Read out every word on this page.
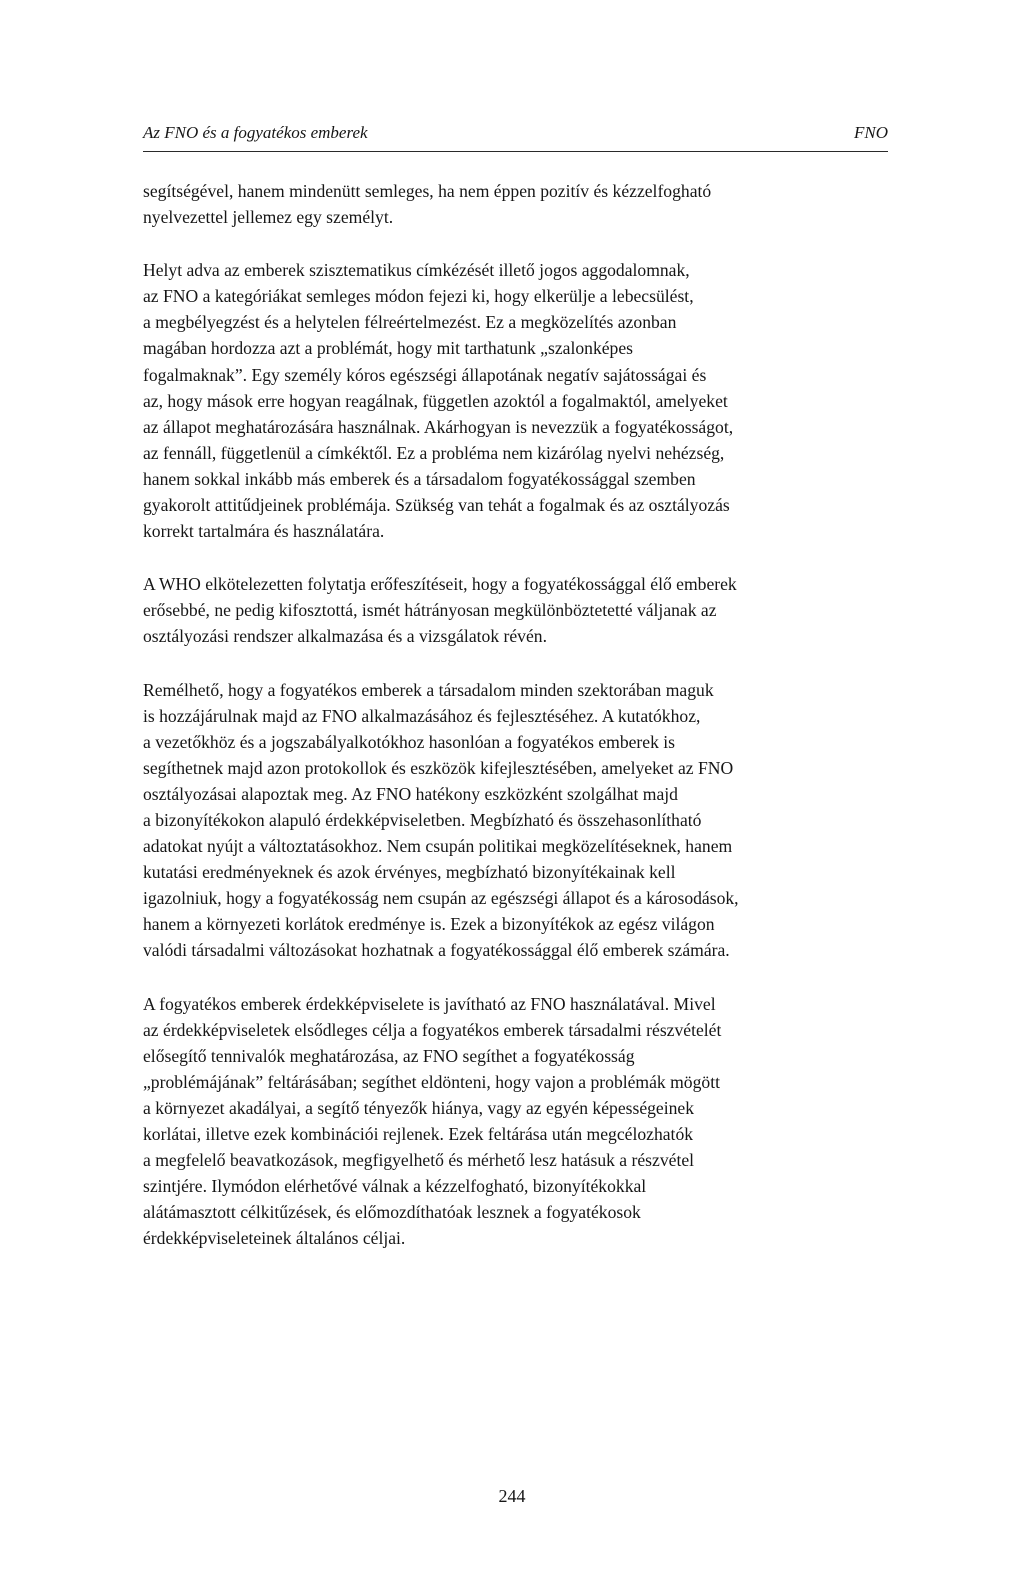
Az FNO és a fogyatékos emberek	FNO

segítségével, hanem mindenütt semleges, ha nem éppen pozitív és kézzelfogható
nyelvezettel jellemez egy személyt.

Helyt adva az emberek szisztematikus címkézését illető jogos aggodalomnak,
az FNO a kategóriákat semleges módon fejezi ki, hogy elkerülje a lebecsülést,
a megbélyegzést és a helytelen félreértelmezést. Ez a megközelítés azonban
magában hordozza azt a problémát, hogy mit tarthatunk „szalonképes
fogalmaknak”. Egy személy kóros egészségi állapotának negatív sajátosságai és
az, hogy mások erre hogyan reagálnak, független azoktól a fogalmaktól, amelyeket
az állapot meghatározására használnak. Akárhogyan is nevezzük a fogyatékosságot,
az fennáll, függetlenül a címkéktől. Ez a probléma nem kizárólag nyelvi nehézség,
hanem sokkal inkább más emberek és a társadalom fogyatékossággal szemben
gyakorolt attitűdjeinek problémája. Szükség van tehát a fogalmak és az osztályozás
korrekt tartalmára és használatára.

A WHO elkötelezetten folytatja erőfeszítéseit, hogy a fogyatékossággal élő emberek
erősebbé, ne pedig kifosztottá, ismét hátrányosan megkülönböztetetté váljanak az
osztályozási rendszer alkalmazása és a vizsgálatok révén.

Remélhető, hogy a fogyatékos emberek a társadalom minden szektorában maguk
is hozzájárulnak majd az FNO alkalmazásához és fejlesztéséhez. A kutatókhoz,
a vezetőkhöz és a jogszabályalkotókhoz hasonlóan a fogyatékos emberek is
segíthetnek majd azon protokollok és eszközök kifejlesztésében, amelyeket az FNO
osztályozásai alapoztak meg. Az FNO hatékony eszközként szolgálhat majd
a bizonyítékokon alapuló érdekképviseletben. Megbízható és összehasonlítható
adatokat nyújt a változtatásokhoz. Nem csupán politikai megközelítéseknek, hanem
kutatási eredményeknek és azok érvényes, megbízható bizonyítékainak kell
igazolniuk, hogy a fogyatékosság nem csupán az egészségi állapot és a károsodások,
hanem a környezeti korlátok eredménye is. Ezek a bizonyítékok az egész világon
valódi társadalmi változásokat hozhatnak a fogyatékossággal élő emberek számára.

A fogyatékos emberek érdekképviselete is javítható az FNO használatával. Mivel
az érdekképviseletek elsődleges célja a fogyatékos emberek társadalmi részvételét
elősegítő tennivalók meghatározása, az FNO segíthet a fogyatékosság
„problémájának” feltárásában; segíthet eldönteni, hogy vajon a problémák mögött
a környezet akadályai, a segítő tényezők hiánya, vagy az egyén képességeinek
korlátai, illetve ezek kombinációi rejlenek. Ezek feltárása után megcélozhatók
a megfelelő beavatkozások, megfigyelhető és mérhető lesz hatásuk a részvétel
szintjére. Ilymódon elérhetővé válnak a kézzelfogható, bizonyítékokkal
alátámasztott célkitűzések, és előmozdíthatóak lesznek a fogyatékosok
érdekképviseleteinek általános céljai.

244
